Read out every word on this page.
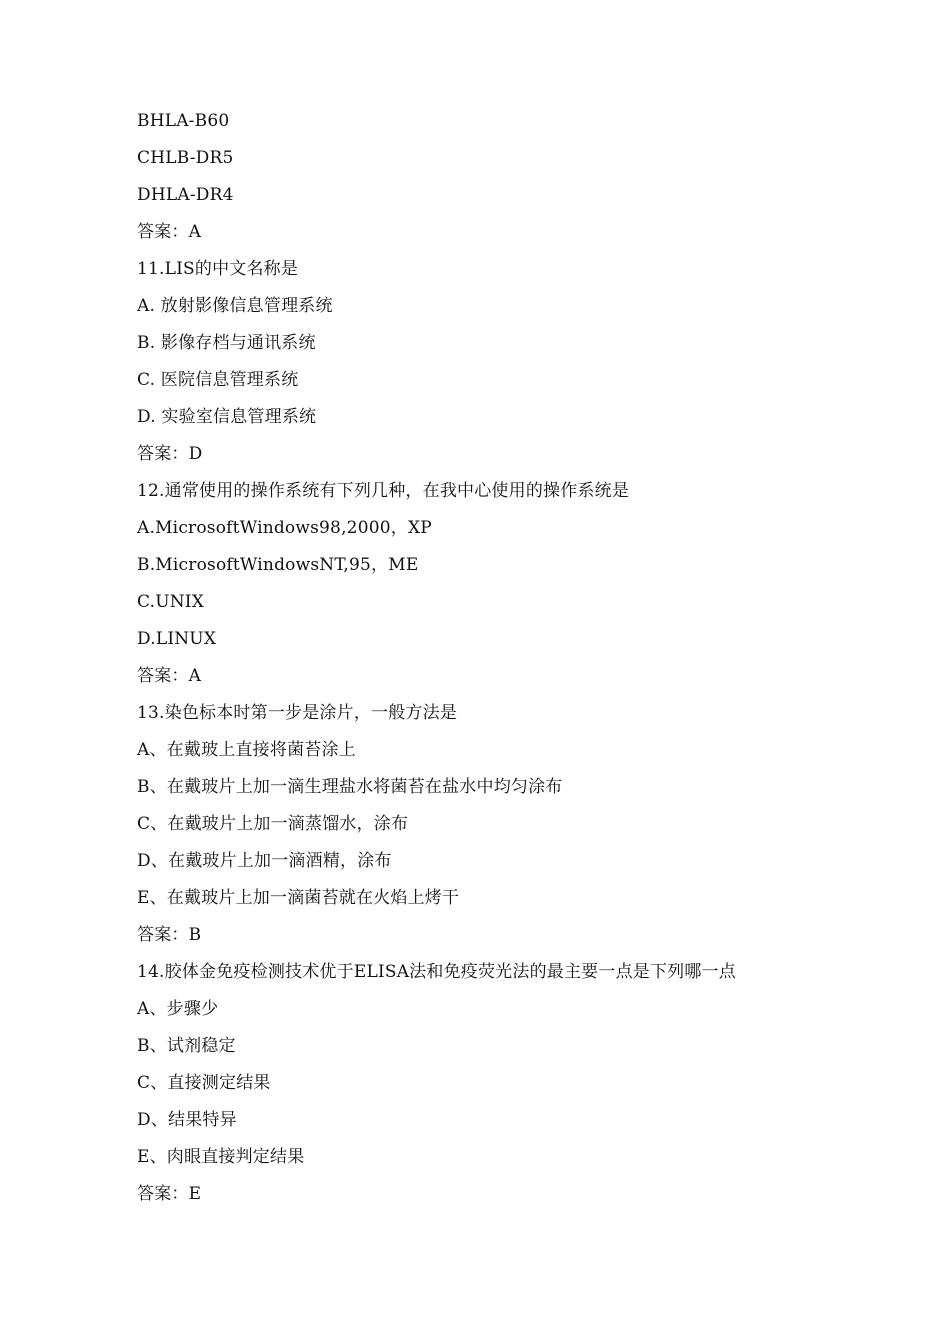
BHLA-B60
CHLB-DR5
DHLA-DR4
答案：A
11.LIS的中文名称是
A. 放射影像信息管理系统
B. 影像存档与通讯系统
C. 医院信息管理系统
D. 实验室信息管理系统
答案：D
12.通常使用的操作系统有下列几种，在我中心使用的操作系统是
A.MicrosoftWindows98,2000，XP
B.MicrosoftWindowsNT,95，ME
C.UNIX
D.LINUX
答案：A
13.染色标本时第一步是涂片，一般方法是
A、在戴玻上直接将菌苔涂上
B、在戴玻片上加一滴生理盐水将菌苔在盐水中均匀涂布
C、在戴玻片上加一滴蒸馏水，涂布
D、在戴玻片上加一滴酒精，涂布
E、在戴玻片上加一滴菌苔就在火焰上烤干
答案：B
14.胶体金免疫检测技术优于ELISA法和免疫荧光法的最主要一点是下列哪一点
A、步骤少
B、试剂稳定
C、直接测定结果
D、结果特异
E、肉眼直接判定结果
答案：E
